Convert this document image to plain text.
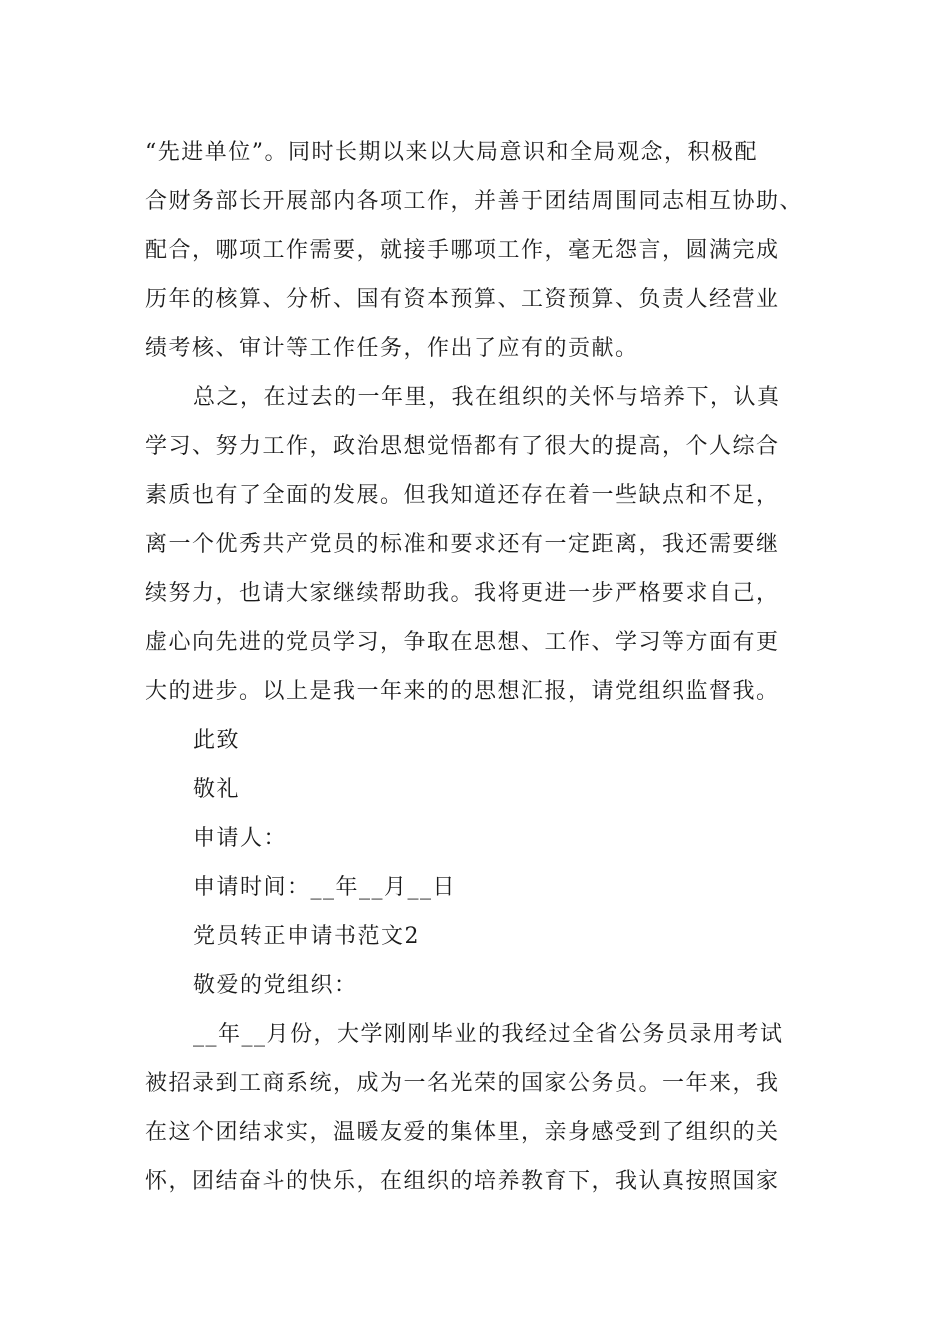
“先进单位”。同时长期以来以大局意识和全局观念，积极配
合财务部长开展部内各项工作，并善于团结周围同志相互协助、
配合，哪项工作需要，就接手哪项工作，毫无怨言，圆满完成
历年的核算、分析、国有资本预算、工资预算、负责人经营业
绩考核、审计等工作任务，作出了应有的贡献。
总之，在过去的一年里，我在组织的关怀与培养下，认真
学习、努力工作，政治思想觉悟都有了很大的提高，个人综合
素质也有了全面的发展。但我知道还存在着一些缺点和不足，
离一个优秀共产党员的标准和要求还有一定距离，我还需要继
续努力，也请大家继续帮助我。我将更进一步严格要求自己，
虚心向先进的党员学习，争取在思想、工作、学习等方面有更
大的进步。以上是我一年来的的思想汇报，请党组织监督我。
此致
敬礼
申请人：
申请时间：__年__月__日
党员转正申请书范文2
敬爱的党组织：
__年__月份，大学刚刚毕业的我经过全省公务员录用考试
被招录到工商系统，成为一名光荣的国家公务员。一年来，我
在这个团结求实，温暖友爱的集体里，亲身感受到了组织的关
怀，团结奋斗的快乐，在组织的培养教育下，我认真按照国家
